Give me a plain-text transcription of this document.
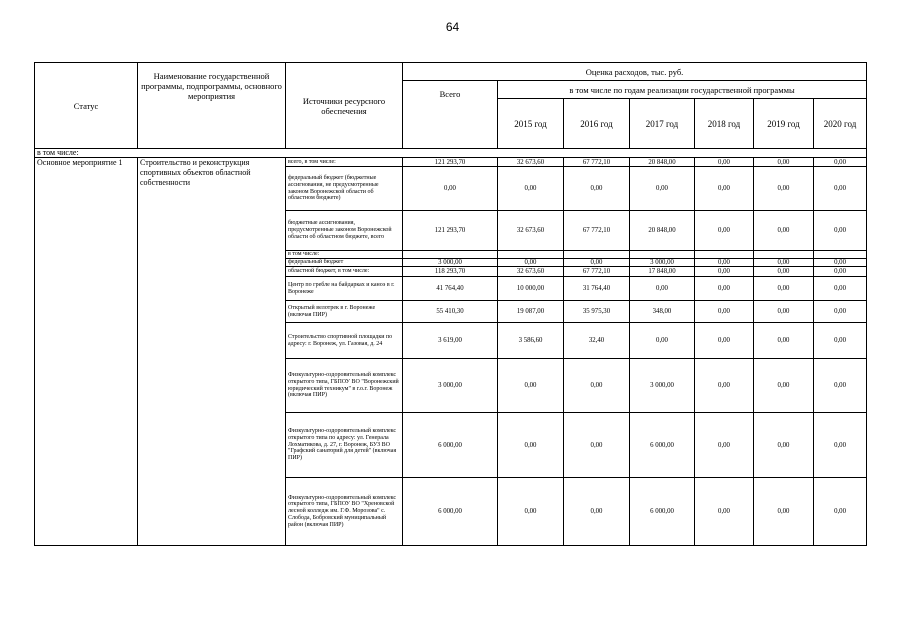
64
Статус	Наименование государственной программы, подпрограммы, основного мероприятия	Источники ресурсного обеспечения	Оценка расходов, тыс. руб.						
			Всего	в том числе по годам реализации государственной программы					
				2015 год	2016 год	2017 год	2018 год	2019 год	2020 год
в том числе:									
Основное мероприятие 1	Строительство и реконструкция спортивных объектов областной собственности	всего, в том числе:	121 293,70	32 673,60	67 772,10	20 848,00	0,00	0,00	0,00
		федеральный бюджет (бюджетные ассигнования, не предусмотренные законом Воронежской области об областном бюджете)	0,00	0,00	0,00	0,00	0,00	0,00	0,00
		бюджетные ассигнования, предусмотренные законом Воронежской области об областном бюджете, всего	121 293,70	32 673,60	67 772,10	20 848,00	0,00	0,00	0,00
		в том числе:							
		федеральный бюджет	3 000,00	0,00	0,00	3 000,00	0,00	0,00	0,00
		областной бюджет, в том числе:	118 293,70	32 673,60	67 772,10	17 848,00	0,00	0,00	0,00
		Центр по гребле на байдарках и каноэ в г. Воронеже	41 764,40	10 000,00	31 764,40	0,00	0,00	0,00	0,00
		Открытый велотрек в г. Воронеже (включая ПИР)	55 410,30	19 087,00	35 975,30	348,00	0,00	0,00	0,00
		Строительство спортивной площадки по адресу: г. Воронеж, ул. Газовая, д. 24	3 619,00	3 586,60	32,40	0,00	0,00	0,00	0,00
		Физкультурно-оздоровительный комплекс открытого типа, ГБПОУ ВО "Воронежский юридический техникум" в г.о.г. Воронеж (включая ПИР)	3 000,00	0,00	0,00	3 000,00	0,00	0,00	0,00
		Физкультурно-оздоровительный комплекс открытого типа по адресу: ул. Генерала Лохматикова, д. 27, г. Воронеж, БУЗ ВО "Графский санаторий для детей" (включая ПИР)	6 000,00	0,00	0,00	6 000,00	0,00	0,00	0,00
		Физкультурно-оздоровительный комплекс открытого типа, ГБПОУ ВО "Хреновской лесной колледж им. Г.Ф. Морозова" с. Слобода, Бобровский муниципальный район (включая ПИР)	6 000,00	0,00	0,00	6 000,00	0,00	0,00	0,00
